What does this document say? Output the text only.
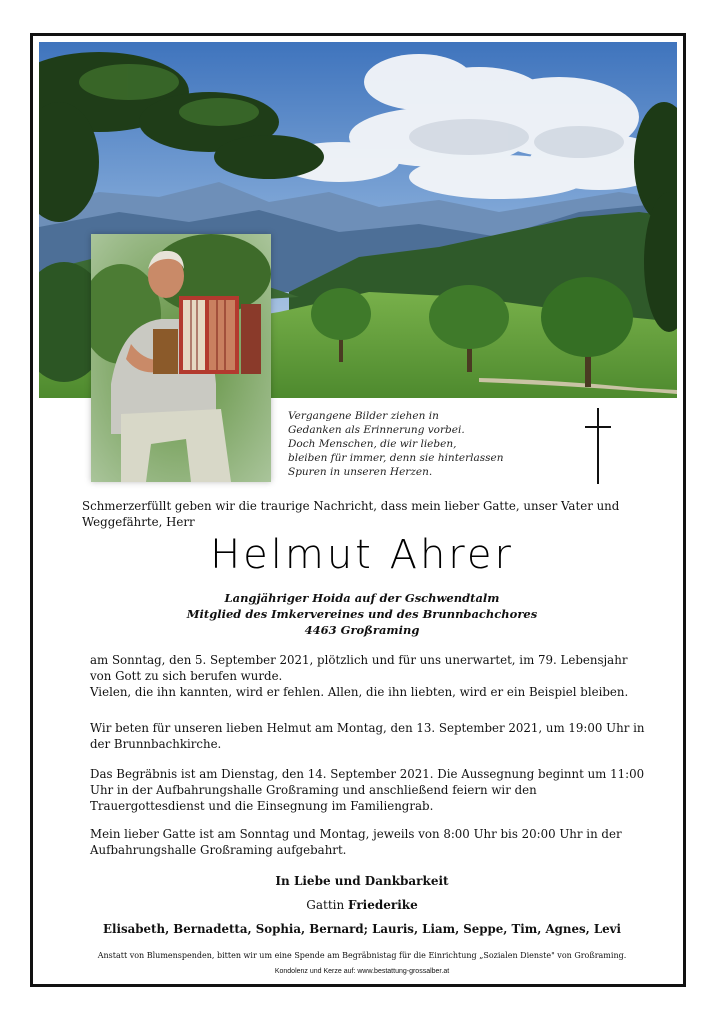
Vergangene Bilder ziehen in
Gedanken als Erinnerung vorbei.
Doch Menschen, die wir lieben,
bleiben für immer, denn sie hinterlassen
Spuren in unseren Herzen.
Schmerzerfüllt geben wir die traurige Nachricht, dass mein lieber Gatte, unser Vater und Weggefährte, Herr
Helmut Ahrer
Langjähriger Hoida auf der Gschwendtalm
Mitglied des Imkervereines und des Brunnbachchores
4463 Großraming
am Sonntag, den 5. September 2021, plötzlich und für uns unerwartet, im 79. Lebensjahr von Gott zu sich berufen wurde.
Vielen, die ihn kannten, wird er fehlen. Allen, die ihn liebten, wird er ein Beispiel bleiben.
Wir beten für unseren lieben Helmut am Montag, den 13. September 2021, um 19:00 Uhr in der Brunnbachkirche.
Das Begräbnis ist am Dienstag, den 14. September 2021. Die Aussegnung beginnt um 11:00 Uhr in der Aufbahrungshalle Großraming und anschließend feiern wir den Trauergottesdienst und die Einsegnung im Familiengrab.
Mein lieber Gatte ist am Sonntag und Montag, jeweils von 8:00 Uhr bis 20:00 Uhr in der Aufbahrungshalle Großraming aufgebahrt.
In Liebe und Dankbarkeit
Gattin Friederike
Elisabeth, Bernadetta, Sophia, Bernard; Lauris, Liam, Seppe, Tim, Agnes, Levi
Anstatt von Blumenspenden, bitten wir um eine Spende am Begräbnistag für die Einrichtung „Sozialen Dienste" von Großraming.
Kondolenz und Kerze auf: www.bestattung-grossalber.at
